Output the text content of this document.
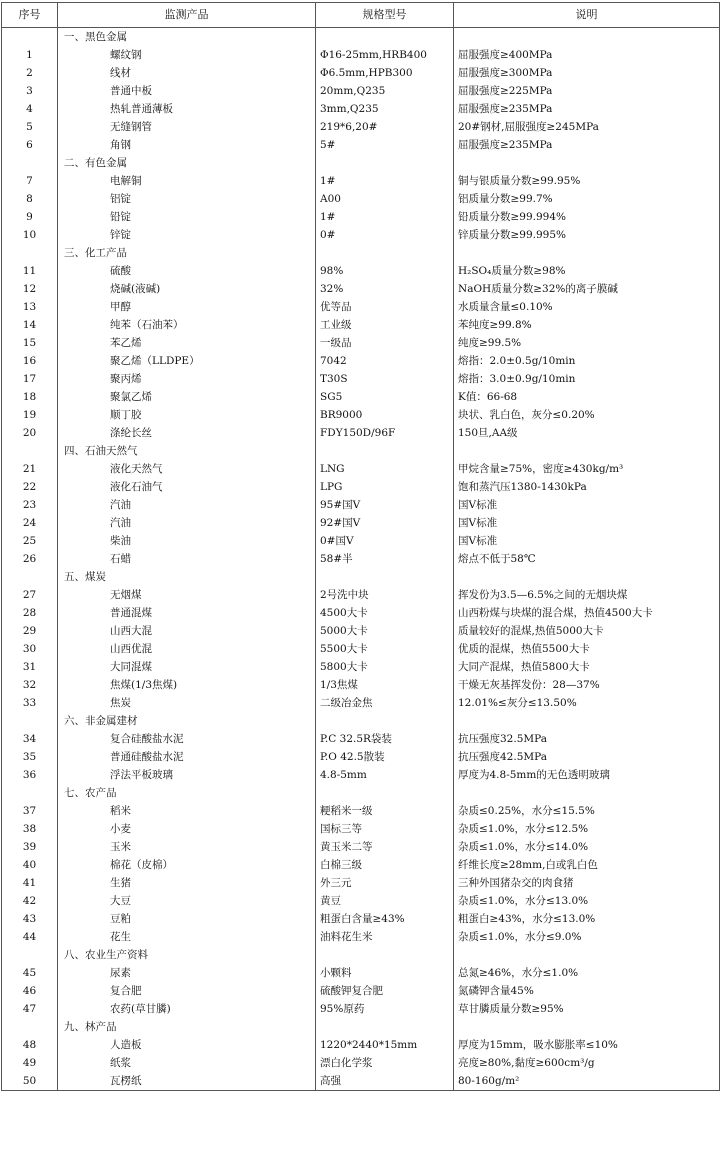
序号	监测产品	规格型号	说明
	一、黑色金属		
1	螺纹钢	Φ16-25mm,HRB400	屈服强度≥400MPa
2	线材	Φ6.5mm,HPB300	屈服强度≥300MPa
3	普通中板	20mm,Q235	屈服强度≥225MPa
4	热轧普通薄板	3mm,Q235	屈服强度≥235MPa
5	无缝钢管	219*6,20#	20#钢材,屈服强度≥245MPa
6	角钢	5#	屈服强度≥235MPa
	二、有色金属		
7	电解铜	1#	铜与银质量分数≥99.95%
8	铝锭	A00	铝质量分数≥99.7%
9	铅锭	1#	铅质量分数≥99.994%
10	锌锭	0#	锌质量分数≥99.995%
	三、化工产品		
11	硫酸	98%	H₂SO₄质量分数≥98%
12	烧碱(液碱)	32%	NaOH质量分数≥32%的离子膜碱
13	甲醇	优等品	水质量含量≤0.10%
14	纯苯（石油苯）	工业级	苯纯度≥99.8%
15	苯乙烯	一级品	纯度≥99.5%
16	聚乙烯（LLDPE）	7042	熔指：2.0±0.5g/10min
17	聚丙烯	T30S	熔指：3.0±0.9g/10min
18	聚氯乙烯	SG5	K值：66-68
19	顺丁胶	BR9000	块状、乳白色，灰分≤0.20%
20	涤纶长丝	FDY150D/96F	150旦,AA级
	四、石油天然气		
21	液化天然气	LNG	甲烷含量≥75%，密度≥430kg/m³
22	液化石油气	LPG	饱和蒸汽压1380-1430kPa
23	汽油	95#国Ⅴ	国Ⅴ标准
24	汽油	92#国Ⅴ	国Ⅴ标准
25	柴油	0#国Ⅴ	国Ⅴ标准
26	石蜡	58#半	熔点不低于58℃
	五、煤炭		
27	无烟煤	2号洗中块	挥发份为3.5—6.5%之间的无烟块煤
28	普通混煤	4500大卡	山西粉煤与块煤的混合煤，热值4500大卡
29	山西大混	5000大卡	质量较好的混煤,热值5000大卡
30	山西优混	5500大卡	优质的混煤，热值5500大卡
31	大同混煤	5800大卡	大同产混煤，热值5800大卡
32	焦煤(1/3焦煤)	1/3焦煤	干燥无灰基挥发份：28—37%
33	焦炭	二级冶金焦	12.01%≤灰分≤13.50%
	六、非金属建材		
34	复合硅酸盐水泥	P.C 32.5R袋装	抗压强度32.5MPa
35	普通硅酸盐水泥	P.O 42.5散装	抗压强度42.5MPa
36	浮法平板玻璃	4.8-5mm	厚度为4.8-5mm的无色透明玻璃
	七、农产品		
37	稻米	粳稻米一级	杂质≤0.25%，水分≤15.5%
38	小麦	国标三等	杂质≤1.0%，水分≤12.5%
39	玉米	黄玉米二等	杂质≤1.0%，水分≤14.0%
40	棉花（皮棉）	白棉三级	纤维长度≥28mm,白或乳白色
41	生猪	外三元	三种外国猪杂交的肉食猪
42	大豆	黄豆	杂质≤1.0%，水分≤13.0%
43	豆粕	粗蛋白含量≥43%	粗蛋白≥43%，水分≤13.0%
44	花生	油料花生米	杂质≤1.0%，水分≤9.0%
	八、农业生产资料		
45	尿素	小颗料	总氮≥46%，水分≤1.0%
46	复合肥	硫酸钾复合肥	氮磷钾含量45%
47	农药(草甘膦)	95%原药	草甘膦质量分数≥95%
	九、林产品		
48	人造板	1220*2440*15mm	厚度为15mm，吸水膨胀率≤10%
49	纸浆	漂白化学浆	亮度≥80%,黏度≥600cm³/g
50	瓦楞纸	高强	80-160g/m²
